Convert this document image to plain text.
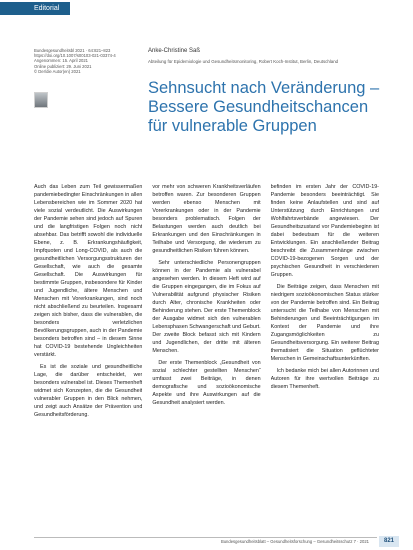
Editorial
Bundesgesundheitsbl 2021 · 64:821–823
https://doi.org/10.1007/s00103-021-03374-4
Angenommen: 15. April 2021
Online publiziert: 29. Juni 2021
© Der/die Autor(en) 2021
Anke-Christine Saß
Abteilung für Epidemiologie und Gesundheitsmonitoring, Robert Koch-Institut, Berlin, Deutschland
Sehnsucht nach Veränderung – Bessere Gesundheitschancen für vulnerable Gruppen

Auch das Leben zum Teil gewissermaßen pandemiebedingter Einschränkungen in allen Lebensbereichen wie im Sommer 2020 hat viele sozial verdeutlicht. Die Auswirkungen der Pandemie sehen sind jedoch auf Spuren und die langfristigen Folgen noch nicht absehbar. Das betrifft sowohl die individuelle Ebene, z. B. Erkrankungshäufigkeit, Impfquoten und Long-COVID, als auch die gesundheitlichen Versorgungsstrukturen der Gesellschaft, wie auch die gesamte Gesellschaft. Die Auswirkungen für bestimmte Gruppen, insbesondere für Kinder und Jugendliche, ältere Menschen und Menschen mit Vorerkrankungen, sind noch nicht abschließend zu beurteilen. Insgesamt zeigen sich bisher, dass die vulnerablen, die besonders verletzlichen Bevölkerungsgruppen, auch in der Pandemie besonders betroffen sind – in diesem Sinne hat COVID-19 bestehende Ungleichheiten verstärkt.

Es ist die soziale und gesundheitliche Lage, die darüber entscheidet, wer besonders vulnerabel ist. Dieses Themenheft widmet sich Konzepten, die die Gesundheit vulnerabler Gruppen in den Blick nehmen, und zeigt auch Ansätze der Prävention und Gesundheitsförderung.

vor mehr von schweren Krankheitsverläufen betroffen waren. Zur besonderen Gruppen werden ebenso Menschen mit Vorerkrankungen oder in der Pandemie besonders problematisch. Folgen der Belastungen werden auch deutlich bei Erkrankungen und den Einschränkungen in Teilhabe und Versorgung, die wiederum zu gesundheitlichen Risiken führen können.

Sehr unterschiedliche Personengruppen können in der Pandemie als vulnerabel angesehen werden. In diesem Heft wird auf die Gruppen eingegangen, die im Fokus auf Vulnerabilität aufgrund physischer Risiken durch Alter, chronische Krankheiten oder Behinderung stehen. Der erste Themenblock der Ausgabe widmet sich den vulnerablen Lebensphasen Schwangerschaft und Geburt. Der zweite Block befasst sich mit Kindern und Jugendlichen, der dritte mit älteren Menschen.

Der erste Themenblock „Gesundheit von sozial schlechter gestellten Menschen“ umfasst zwei Beiträge, in denen demografische und sozioökonomische Aspekte und ihre Auswirkungen auf die Gesundheit analysiert werden.

befinden im ersten Jahr der COVID-19-Pandemie besonders beeinträchtigt. Sie finden keine Anlaufstellen und sind auf Unterstützung durch Einrichtungen und Wohlfahrtsverbände angewiesen. Der Gesundheitszustand vor Pandemiebeginn ist dabei bedeutsam für die weiteren Entwicklungen. Ein anschließender Beitrag beschreibt die Zusammenhänge zwischen COVID-19-bezogenen Sorgen und der psychischen Gesundheit in verschiedenen Gruppen.

Die Beiträge zeigen, dass Menschen mit niedrigem sozioökonomischen Status stärker von der Pandemie betroffen sind. Ein Beitrag untersucht die Teilhabe von Menschen mit Behinderungen und Beeinträchtigungen im Kontext der Pandemie und ihre Zugangsmöglichkeiten zu Gesundheitsversorgung. Ein weiterer Beitrag thematisiert die Situation geflüchteter Menschen in Gemeinschaftsunterkünften.

Ich bedanke mich bei allen Autorinnen und Autoren für ihre wertvollen Beiträge zu diesem Themenheft.

Bundesgesundheitsblatt – Gesundheitsforschung – Gesundheitsschutz 7 · 2021	821
